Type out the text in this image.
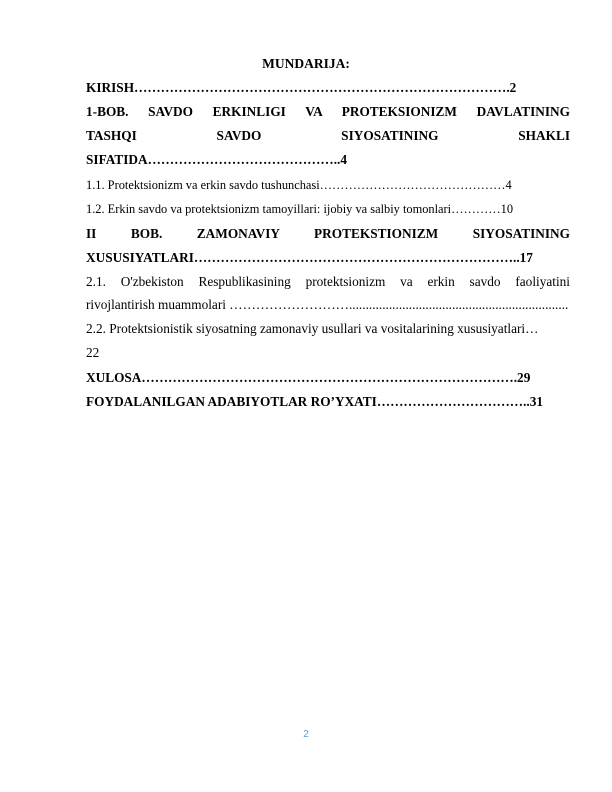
MUNDARIJA:
KIRISH………………………………………………………………………….2
1-BOB. SAVDO ERKINLIGI VA PROTEKSIONIZM DAVLATINING
TASHQI SAVDO SIYOSATINING SHAKLI
SIFATIDA……………………………………..4
1.1. Protektsionizm va erkin savdo tushunchasi………………………………………4
1.2. Erkin savdo va protektsionizm tamoyillari: ijobiy va salbiy tomonlari…………10
II BOB. ZAMONAVIY PROTEKSTIONIZM SIYOSATINING
XUSUSIYATLARI………………………………………………………………..17
2.1. O'zbekiston Respublikasining protektsionizm va erkin savdo faoliyatini
rivojlantirish muammolari ………………………..................................................................
2.2. Protektsionistik siyosatning zamonaviy usullari va vositalarining xususiyatlari…
22
XULOSA………………………………………………………………………….29
FOYDALANILGAN ADABIYOTLAR RO’YXATI……………………………..31
2
